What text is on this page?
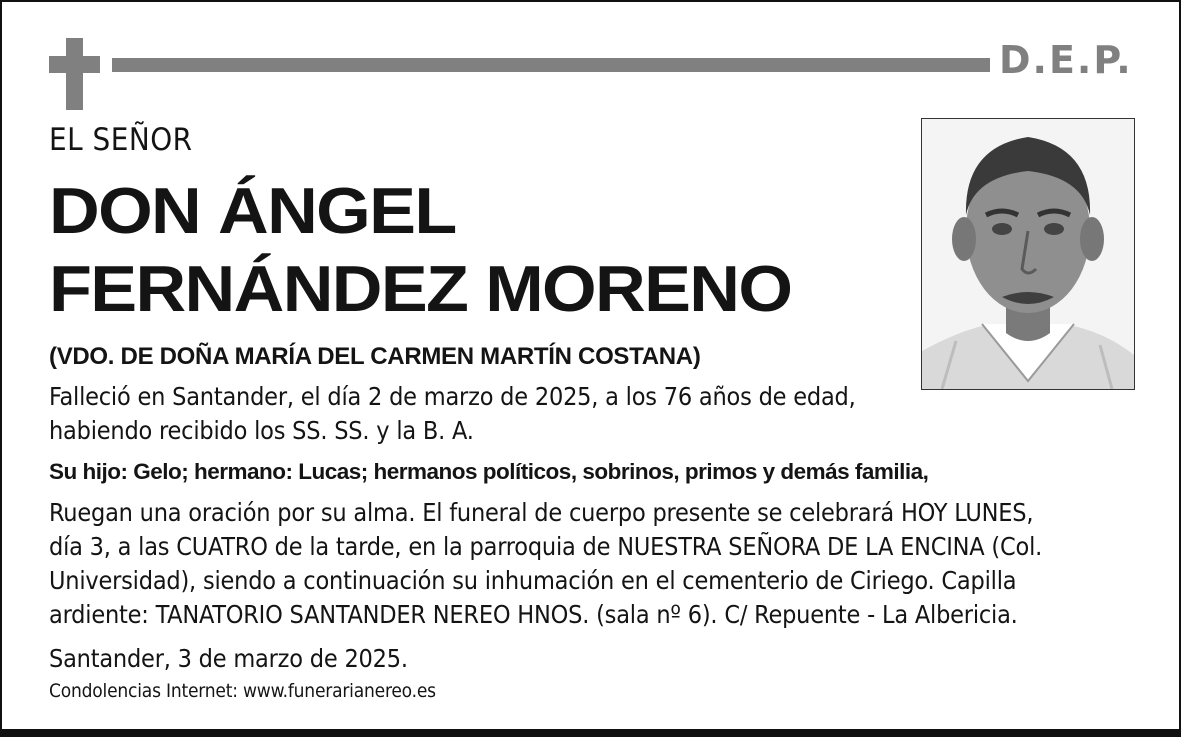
D.E.P.
EL SEÑOR
DON ÁNGEL
FERNÁNDEZ MORENO
(VDO. DE DOÑA MARÍA DEL CARMEN MARTÍN COSTANA)
Falleció en Santander, el día 2 de marzo de 2025, a los 76 años de edad,
habiendo recibido los SS. SS. y la B. A.
Su hijo: Gelo; hermano: Lucas; hermanos políticos, sobrinos, primos y demás familia,
Ruegan una oración por su alma. El funeral de cuerpo presente se celebrará HOY LUNES,
día 3, a las CUATRO de la tarde, en la parroquia de NUESTRA SEÑORA DE LA ENCINA (Col.
Universidad), siendo a continuación su inhumación en el cementerio de Ciriego. Capilla
ardiente: TANATORIO SANTANDER NEREO HNOS. (sala nº 6). C/ Repuente - La Albericia.
Santander, 3 de marzo de 2025.
Condolencias Internet: www.funerarianereo.es
